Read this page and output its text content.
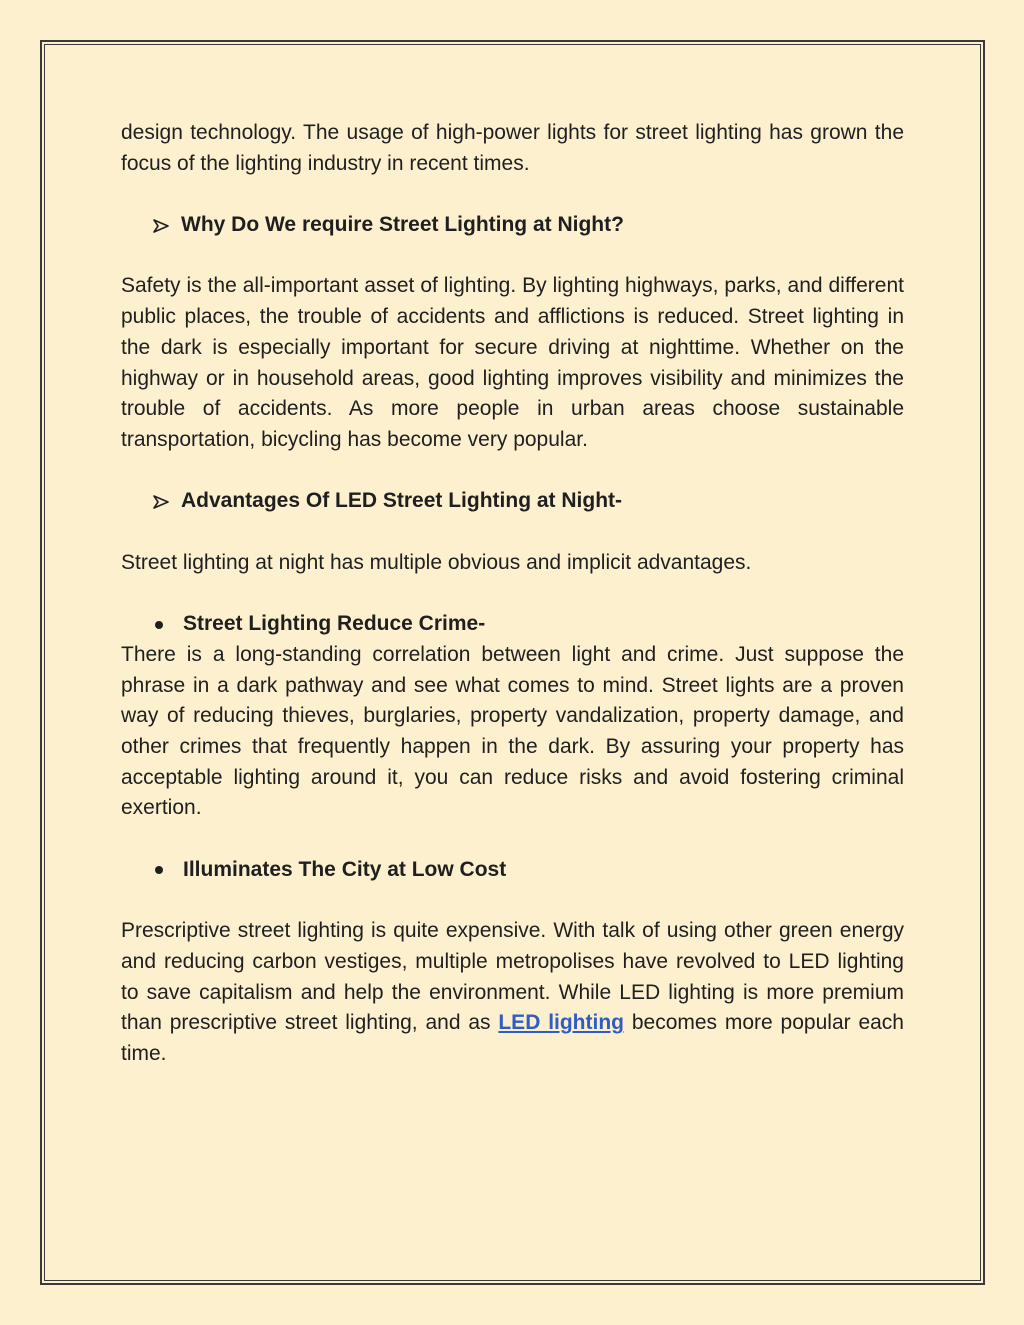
design technology. The usage of high-power lights for street lighting has grown the focus of the lighting industry in recent times.

Why Do We require Street Lighting at Night?

Safety is the all-important asset of lighting. By lighting highways, parks, and different public places, the trouble of accidents and afflictions is reduced. Street lighting in the dark is especially important for secure driving at nighttime. Whether on the highway or in household areas, good lighting improves visibility and minimizes the trouble of accidents. As more people in urban areas choose sustainable transportation, bicycling has become very popular.

Advantages Of LED Street Lighting at Night-

Street lighting at night has multiple obvious and implicit advantages.

Street Lighting Reduce Crime-

There is a long-standing correlation between light and crime. Just suppose the phrase in a dark pathway and see what comes to mind. Street lights are a proven way of reducing thieves, burglaries, property vandalization, property damage, and other crimes that frequently happen in the dark. By assuring your property has acceptable lighting around it, you can reduce risks and avoid fostering criminal exertion.

Illuminates The City at Low Cost

Prescriptive street lighting is quite expensive. With talk of using other green energy and reducing carbon vestiges, multiple metropolises have revolved to LED lighting to save capitalism and help the environment. While LED lighting is more premium than prescriptive street lighting, and as LED lighting becomes more popular each time.
